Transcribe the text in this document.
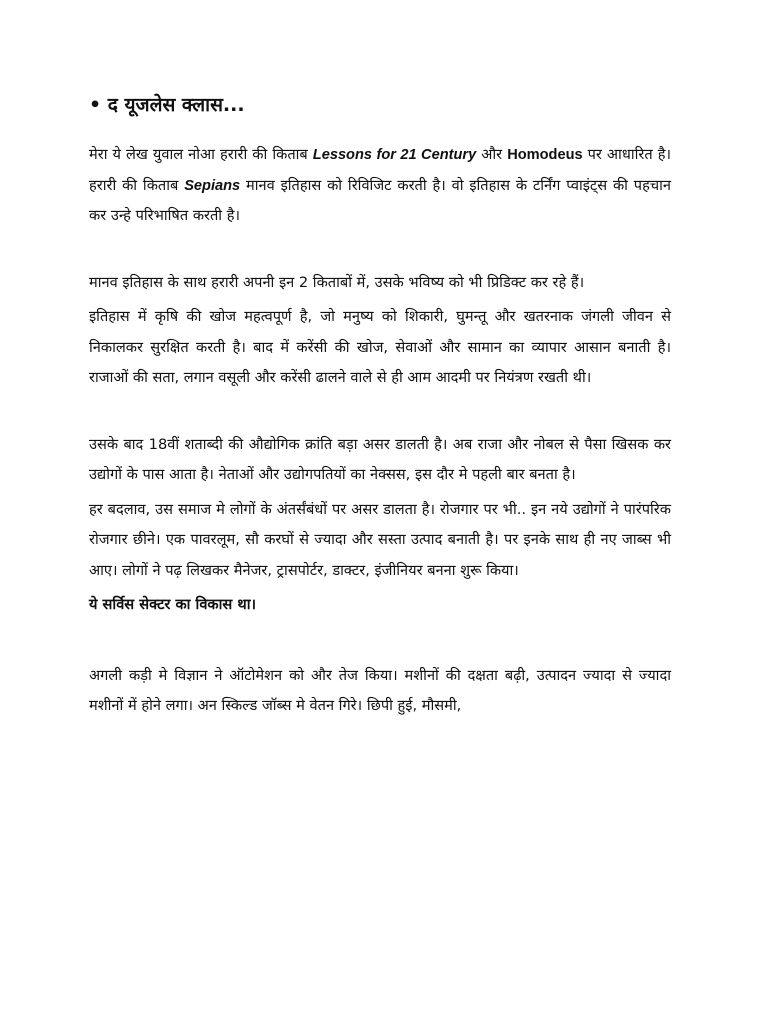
• द यूजलेस क्लास...

मेरा ये लेख युवाल नोआ हरारी की किताब Lessons for 21 Century और Homodeus पर आधारित है। हरारी की किताब Sepians मानव इतिहास को रिविजिट करती है। वो इतिहास के टर्निंग प्वाइंट्स की पहचान कर उन्हे परिभाषित करती है।

मानव इतिहास के साथ हरारी अपनी इन 2 किताबों में, उसके भविष्य को भी प्रिडिक्ट कर रहे हैं।

इतिहास में कृषि की खोज महत्वपूर्ण है, जो मनुष्य को शिकारी, घुमन्तू और खतरनाक जंगली जीवन से निकालकर सुरक्षित करती है। बाद में करेंसी की खोज, सेवाओं और सामान का व्यापार आसान बनाती है। राजाओं की सता, लगान वसूली और करेंसी ढालने वाले से ही आम आदमी पर नियंत्रण रखती थी।

उसके बाद 18वीं शताब्दी की औद्योगिक क्रांति बड़ा असर डालती है। अब राजा और नोबल से पैसा खिसक कर उद्योगों के पास आता है। नेताओं और उद्योगपतियों का नेक्सस, इस दौर मे पहली बार बनता है।

हर बदलाव, उस समाज मे लोगों के अंतर्संबंधों पर असर डालता है। रोजगार पर भी.. इन नये उद्योगों ने पारंपरिक रोजगार छीने। एक पावरलूम, सौ करघों से ज्यादा और सस्ता उत्पाद बनाती है। पर इनके साथ ही नए जाब्स भी आए। लोगों ने पढ़ लिखकर मैनेजर, ट्रासपोर्टर, डाक्टर, इंजीनियर बनना शुरू किया।

ये सर्विस सेक्टर का विकास था।

अगली कड़ी मे विज्ञान ने ऑटोमेशन को और तेज किया। मशीनों की दक्षता बढ़ी, उत्पादन ज्यादा से ज्यादा मशीनों में होने लगा। अन स्किल्ड जॉब्स मे वेतन गिरे। छिपी हुई, मौसमी,
